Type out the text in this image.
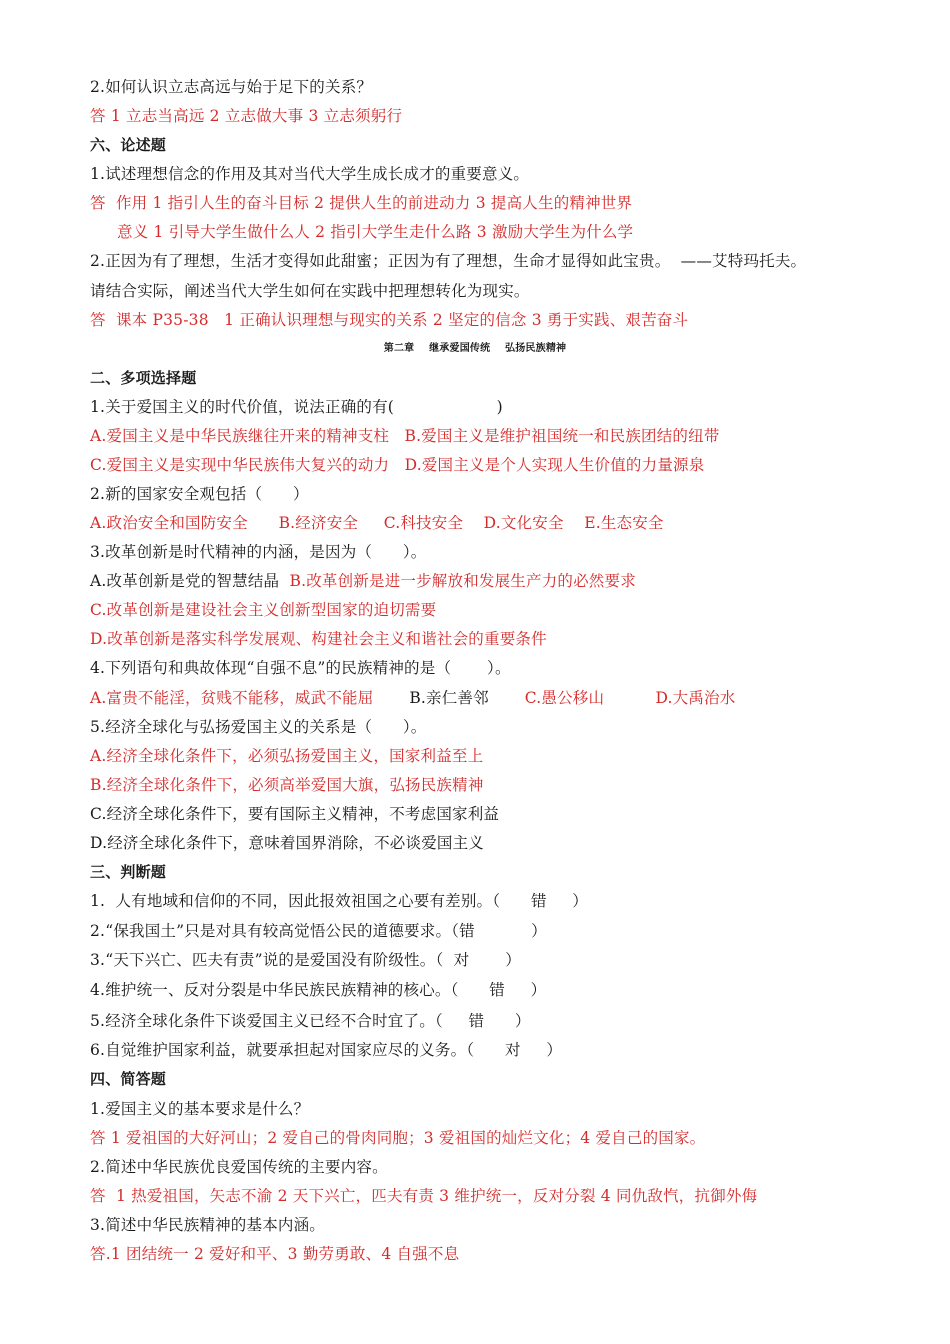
2.如何认识立志高远与始于足下的关系？
答 1 立志当高远 2 立志做大事 3 立志须躬行
六、论述题
1.试述理想信念的作用及其对当代大学生成长成才的重要意义。
答  作用 1 指引人生的奋斗目标 2 提供人生的前进动力 3 提高人生的精神世界
意义 1 引导大学生做什么人 2 指引大学生走什么路 3 激励大学生为什么学
2.正因为有了理想，生活才变得如此甜蜜；正因为有了理想，生命才显得如此宝贵。  ——艾特玛托夫。
请结合实际，阐述当代大学生如何在实践中把理想转化为现实。
答  课本 P35-38   1 正确认识理想与现实的关系 2 坚定的信念 3 勇于实践、艰苦奋斗
第二章    继承爱国传统    弘扬民族精神
二、多项选择题
1.关于爱国主义的时代价值，说法正确的有(                    )
A.爱国主义是中华民族继往开来的精神支柱   B.爱国主义是维护祖国统一和民族团结的纽带
C.爱国主义是实现中华民族伟大复兴的动力   D.爱国主义是个人实现人生价值的力量源泉
2.新的国家安全观包括（      ）
A.政治安全和国防安全      B.经济安全     C.科技安全    D.文化安全    E.生态安全
3.改革创新是时代精神的内涵，是因为（      ）。
A.改革创新是党的智慧结晶  B.改革创新是进一步解放和发展生产力的必然要求
C.改革创新是建设社会主义创新型国家的迫切需要
D.改革创新是落实科学发展观、构建社会主义和谐社会的重要条件
4.下列语句和典故体现“自强不息”的民族精神的是（       ）。
A.富贵不能淫，贫贱不能移，威武不能屈       B.亲仁善邻       C.愚公移山          D.大禹治水
5.经济全球化与弘扬爱国主义的关系是（      ）。
A.经济全球化条件下，必须弘扬爱国主义，国家利益至上
B.经济全球化条件下，必须高举爱国大旗，弘扬民族精神
C.经济全球化条件下，要有国际主义精神，不考虑国家利益
D.经济全球化条件下，意味着国界消除，不必谈爱国主义
三、判断题
1.  人有地域和信仰的不同，因此报效祖国之心要有差别。（      错     ）
2.“保我国土”只是对具有较高觉悟公民的道德要求。（错           ）
3.“天下兴亡、匹夫有责”说的是爱国没有阶级性。（  对       ）
4.维护统一、反对分裂是中华民族民族精神的核心。（      错     ）
5.经济全球化条件下谈爱国主义已经不合时宜了。（     错      ）
6.自觉维护国家利益，就要承担起对国家应尽的义务。（      对     ）
四、简答题
1.爱国主义的基本要求是什么？
答 1 爱祖国的大好河山；2 爱自己的骨肉同胞；3 爱祖国的灿烂文化；4 爱自己的国家。
2.简述中华民族优良爱国传统的主要内容。
答  1 热爱祖国，矢志不渝 2 天下兴亡，匹夫有责 3 维护统一，反对分裂 4 同仇敌忾，抗御外侮
3.简述中华民族精神的基本内涵。
答.1 团结统一 2 爱好和平、3 勤劳勇敢、4 自强不息
